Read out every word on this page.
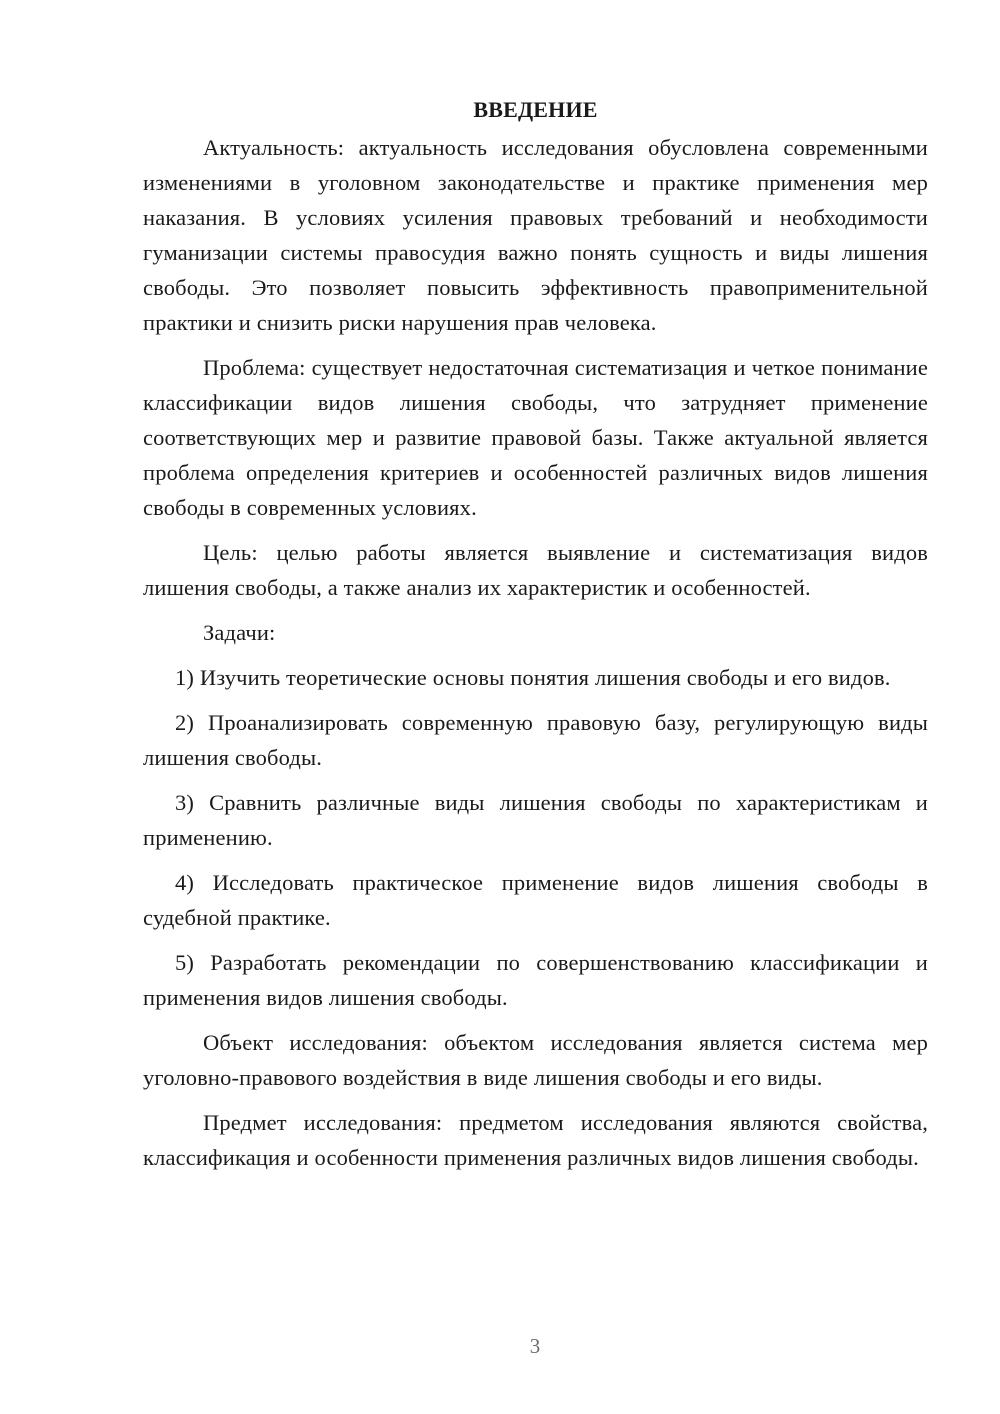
ВВЕДЕНИЕ

Актуальность: актуальность исследования обусловлена современными изменениями в уголовном законодательстве и практике применения мер наказания. В условиях усиления правовых требований и необходимости гуманизации системы правосудия важно понять сущность и виды лишения свободы. Это позволяет повысить эффективность правоприменительной практики и снизить риски нарушения прав человека.

Проблема: существует недостаточная систематизация и четкое понимание классификации видов лишения свободы, что затрудняет применение соответствующих мер и развитие правовой базы. Также актуальной является проблема определения критериев и особенностей различных видов лишения свободы в современных условиях.

Цель: целью работы является выявление и систематизация видов лишения свободы, а также анализ их характеристик и особенностей.

Задачи:

1) Изучить теоретические основы понятия лишения свободы и его видов.

2) Проанализировать современную правовую базу, регулирующую виды лишения свободы.

3) Сравнить различные виды лишения свободы по характеристикам и применению.

4) Исследовать практическое применение видов лишения свободы в судебной практике.

5) Разработать рекомендации по совершенствованию классификации и применения видов лишения свободы.

Объект исследования: объектом исследования является система мер уголовно-правового воздействия в виде лишения свободы и его виды.

Предмет исследования: предметом исследования являются свойства, классификация и особенности применения различных видов лишения свободы.

3
